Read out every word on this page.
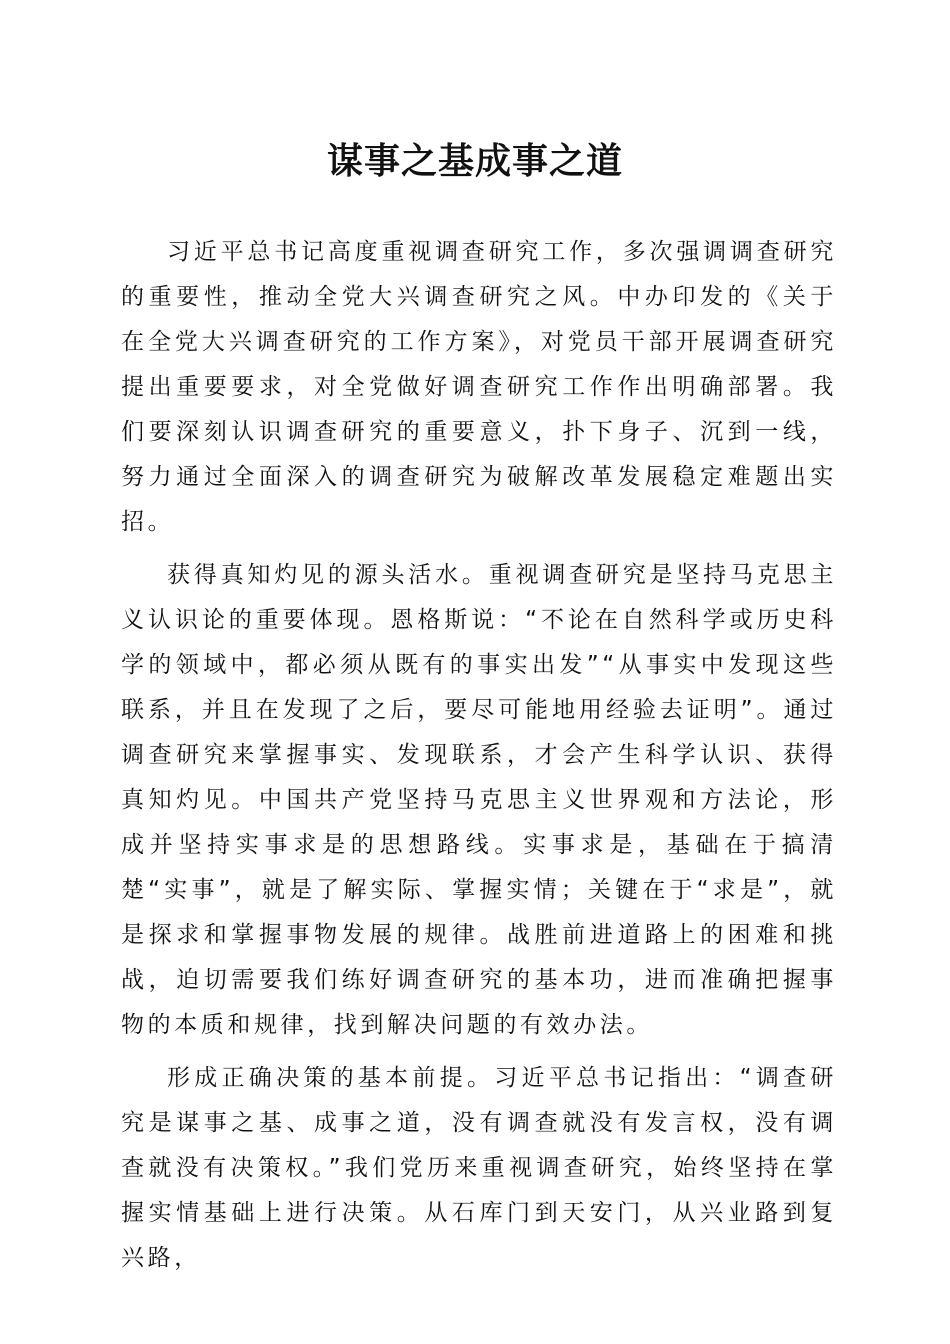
谋事之基成事之道

习近平总书记高度重视调查研究工作，多次强调调查研究的重要性，推动全党大兴调查研究之风。中办印发的《关于在全党大兴调查研究的工作方案》，对党员干部开展调查研究提出重要要求，对全党做好调查研究工作作出明确部署。我们要深刻认识调查研究的重要意义，扑下身子、沉到一线，努力通过全面深入的调查研究为破解改革发展稳定难题出实招。

获得真知灼见的源头活水。重视调查研究是坚持马克思主义认识论的重要体现。恩格斯说：“不论在自然科学或历史科学的领域中，都必须从既有的事实出发”“从事实中发现这些联系，并且在发现了之后，要尽可能地用经验去证明”。通过调查研究来掌握事实、发现联系，才会产生科学认识、获得真知灼见。中国共产党坚持马克思主义世界观和方法论，形成并坚持实事求是的思想路线。实事求是，基础在于搞清楚“实事”，就是了解实际、掌握实情；关键在于“求是”，就是探求和掌握事物发展的规律。战胜前进道路上的困难和挑战，迫切需要我们练好调查研究的基本功，进而准确把握事物的本质和规律，找到解决问题的有效办法。

形成正确决策的基本前提。习近平总书记指出：“调查研究是谋事之基、成事之道，没有调查就没有发言权，没有调查就没有决策权。”我们党历来重视调查研究，始终坚持在掌握实情基础上进行决策。从石库门到天安门，从兴业路到复兴路，
